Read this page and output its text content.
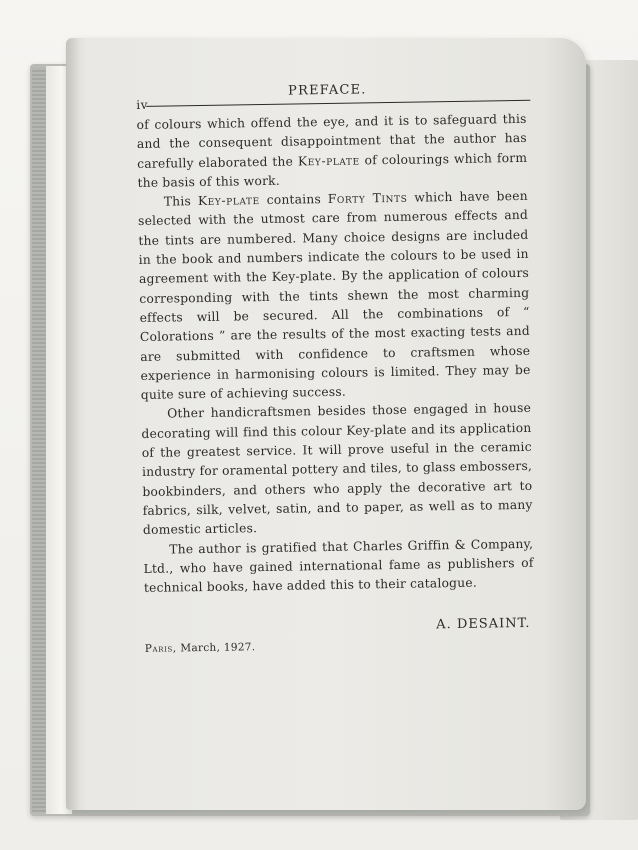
iv
PREFACE.

of colours which offend the eye, and it is to safeguard this and the consequent disappointment that the author has carefully elaborated the Key-plate of colourings which form the basis of this work.

This Key-plate contains Forty Tints which have been selected with the utmost care from numerous effects and the tints are numbered. Many choice designs are included in the book and numbers indicate the colours to be used in agreement with the Key-plate. By the application of colours corresponding with the tints shewn the most charming effects will be secured. All the combinations of “ Colorations ” are the results of the most exacting tests and are submitted with confidence to craftsmen whose experience in harmonising colours is limited. They may be quite sure of achieving success.

Other handicraftsmen besides those engaged in house decorating will find this colour Key-plate and its application of the greatest service. It will prove useful in the ceramic industry for oramental pottery and tiles, to glass embossers, bookbinders, and others who apply the decorative art to fabrics, silk, velvet, satin, and to paper, as well as to many domestic articles.

The author is gratified that Charles Griffin & Company, Ltd., who have gained international fame as publishers of technical books, have added this to their catalogue.

A. DESAINT.
Paris, March, 1927.
